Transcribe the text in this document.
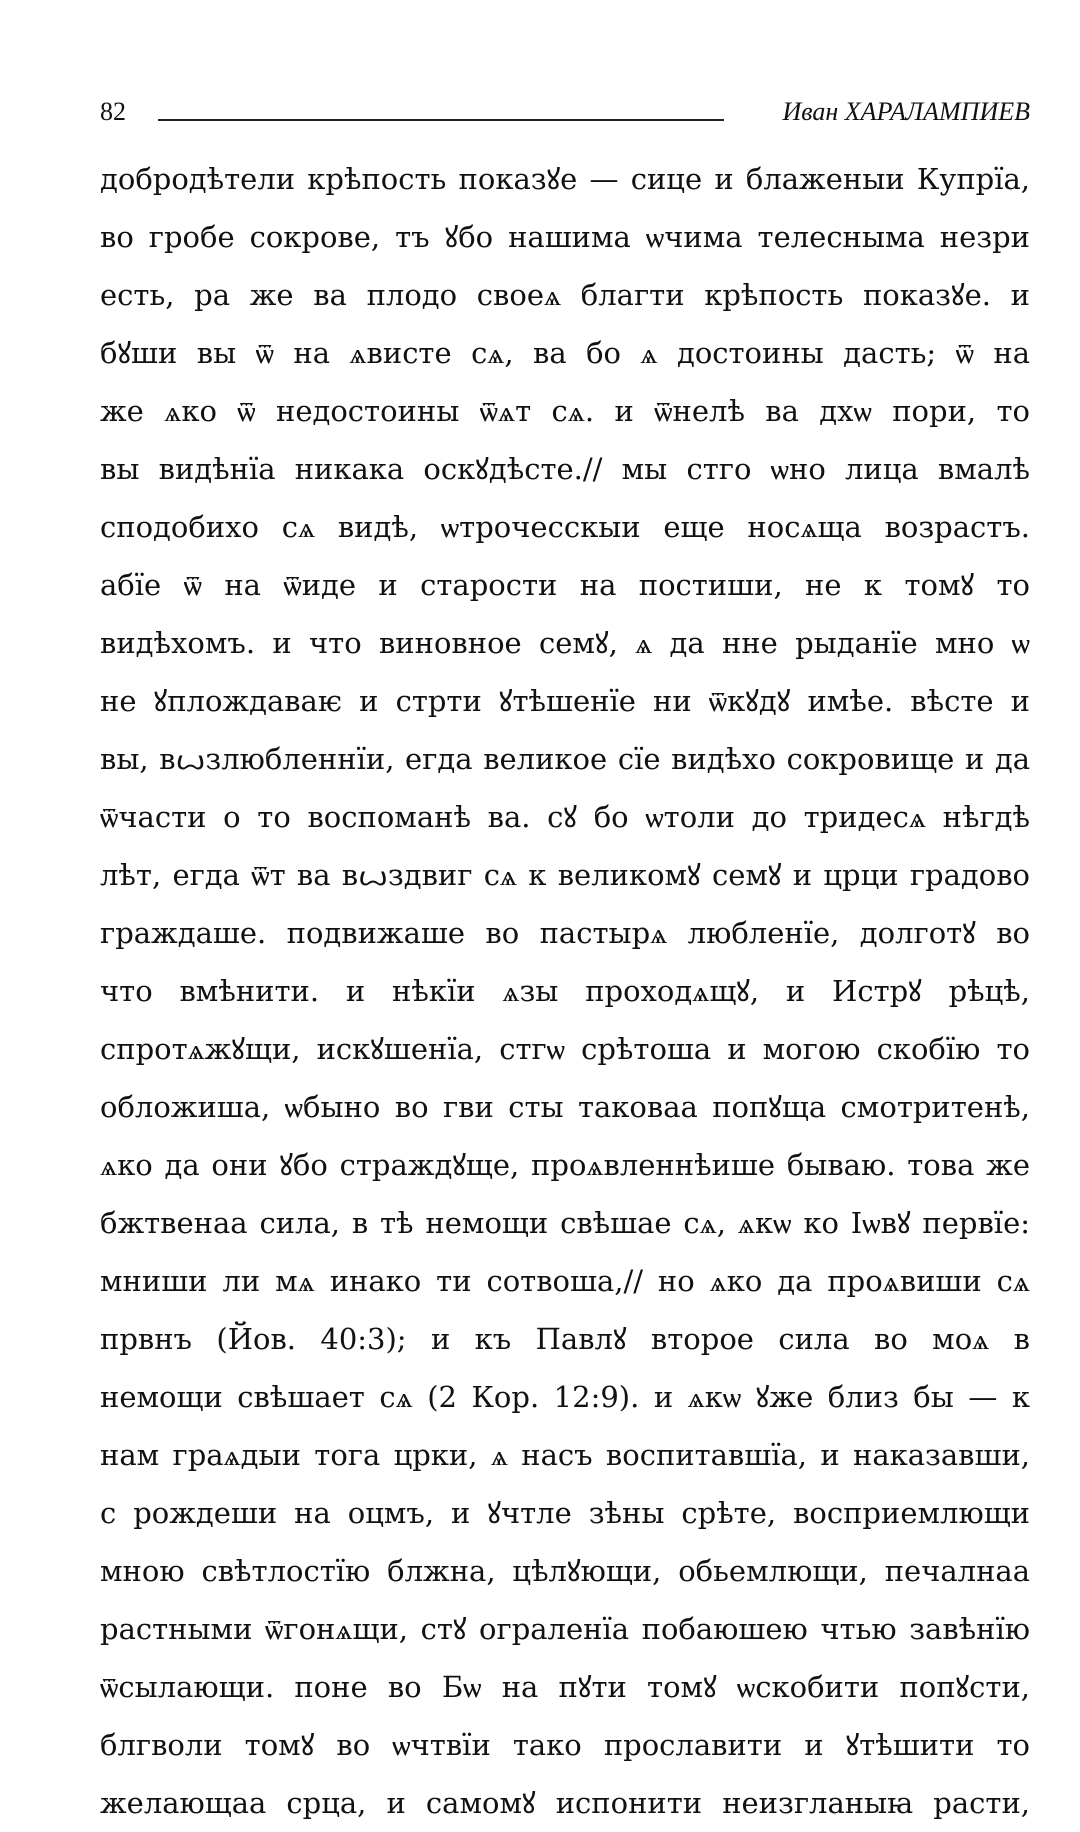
82	Иван ХАРАЛАМПИЕВ
добродѣтели крѣпость показꙋе — сице и блаженыи Купрїа,
во гробе сокрове, тъ ꙋбо нашима ѡчима телесныма незри
есть, ра же ва плодо своеѧ благти крѣпость показꙋе. и
бꙋши вы ѿ на ѧвисте сѧ, ва бо ѧ достоины дасть; ѿ на
же ѧко ѿ недостоины ѿѧт сѧ. и ѿнелѣ ва дхѡ пори, то
вы видѣнїа никака оскꙋдѣсте.// мы стго ѡно лица вмалѣ
сподобихо сѧ видѣ, ѡтрочесскыи еще носѧща возрастъ.
абїе ѿ на ѿиде и старости на постиши, не к томꙋ то
видѣхомъ. и что виновное семꙋ, ѧ да нне рыданїе мно ѡ
не ꙋплождаваѥ и стрти ꙋтѣшенїе ни ѿкꙋдꙋ имѣе. вѣсте и
вы, вꙍзлюбленнїи, егда великое сїе видѣхо сокровище и да
ѿчасти о то воспоманѣ ва. сꙋ бо ѡтоли до тридесѧ нѣгдѣ
лѣт, егда ѿт ва вꙍздвиг сѧ к великомꙋ семꙋ и црци градово
граждаше. подвижаше во пастырѧ любленїе, долготꙋ во
что вмѣнити. и нѣкїи ѧзы проходѧщꙋ, и Истрꙋ рѣцѣ,
спротѧжꙋщи, искꙋшенїа, стгѡ срѣтоша и могою скобїю то
обложиша, ѡбыно во гви сты таковаа попꙋща смотритенѣ,
ѧко да они ꙋбо страждꙋще, проѧвленнѣише бываю. това же
бжтвенаа сила, в тѣ немощи свѣшае сѧ, ѧкѡ ко Іѡвꙋ первїе:
мниши ли мѧ инако ти сотвоша,// но ѧко да проѧвиши сѧ
првнъ (Йов. 40:3); и къ Павлꙋ второе сила во моѧ в
немощи свѣшает сѧ (2 Кор. 12:9). и ѧкѡ ꙋже близ бы — к
нам граѧдыи тога црки, ѧ насъ воспитавшїа, и наказавши,
с рождеши на оцмъ, и ꙋчтле зѣны срѣте, восприемлющи
мною свѣтлостїю блжна, цѣлꙋющи, обьемлющи, печалнаа
растными ѿгонѧщи, стꙋ ограленїа побаюшею чтью завѣнїю
ѿсылающи. поне во Бѡ на пꙋти томꙋ ѡскобити попꙋсти,
блгволи томꙋ во ѡчтвїи тако прославити и ꙋтѣшити то
желающаа срца, и самомꙋ испонити неизгланыꙗ расти,
